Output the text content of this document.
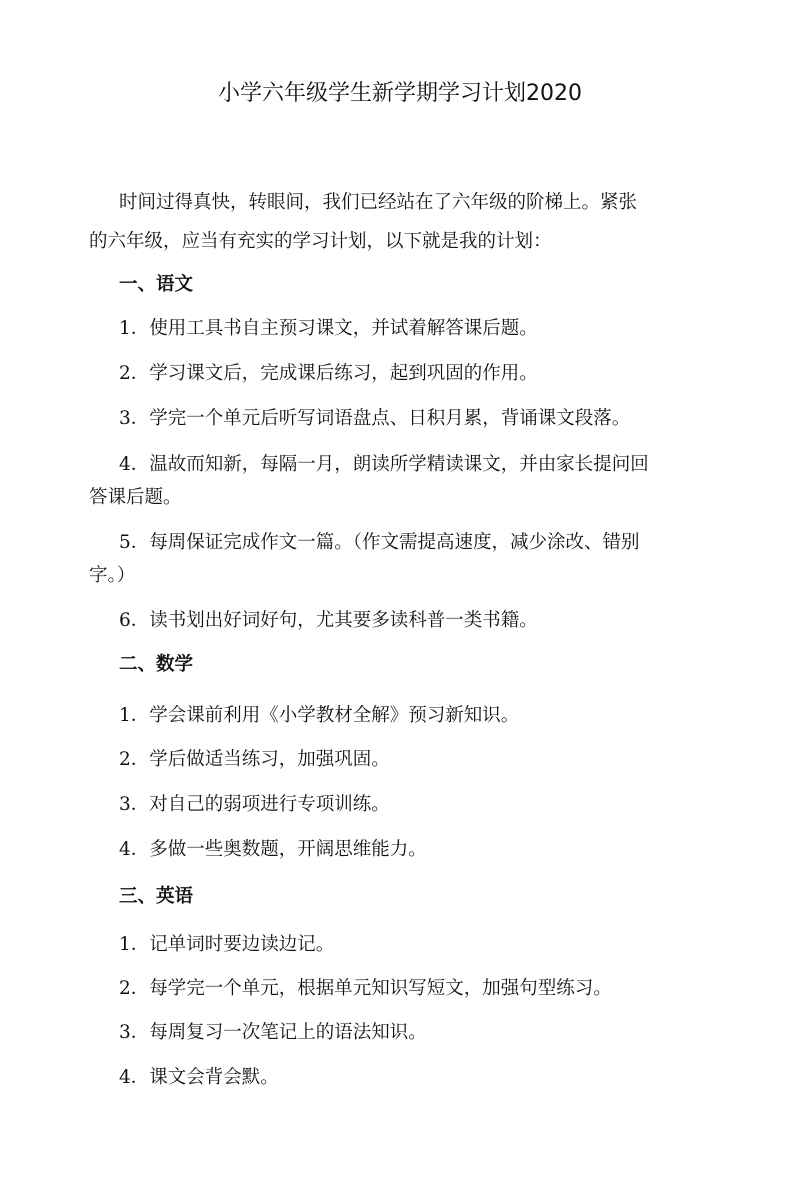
小学六年级学生新学期学习计划2020
时间过得真快，转眼间，我们已经站在了六年级的阶梯上。紧张
的六年级，应当有充实的学习计划，以下就是我的计划：
一、语文
1．使用工具书自主预习课文，并试着解答课后题。
2．学习课文后，完成课后练习，起到巩固的作用。
3．学完一个单元后听写词语盘点、日积月累，背诵课文段落。
4．温故而知新，每隔一月，朗读所学精读课文，并由家长提问回
答课后题。
5．每周保证完成作文一篇。（作文需提高速度，减少涂改、错别
字。）
6．读书划出好词好句，尤其要多读科普一类书籍。
二、数学
1．学会课前利用《小学教材全解》预习新知识。
2．学后做适当练习，加强巩固。
3．对自己的弱项进行专项训练。
4．多做一些奥数题，开阔思维能力。
三、英语
1．记单词时要边读边记。
2．每学完一个单元，根据单元知识写短文，加强句型练习。
3．每周复习一次笔记上的语法知识。
4．课文会背会默。
